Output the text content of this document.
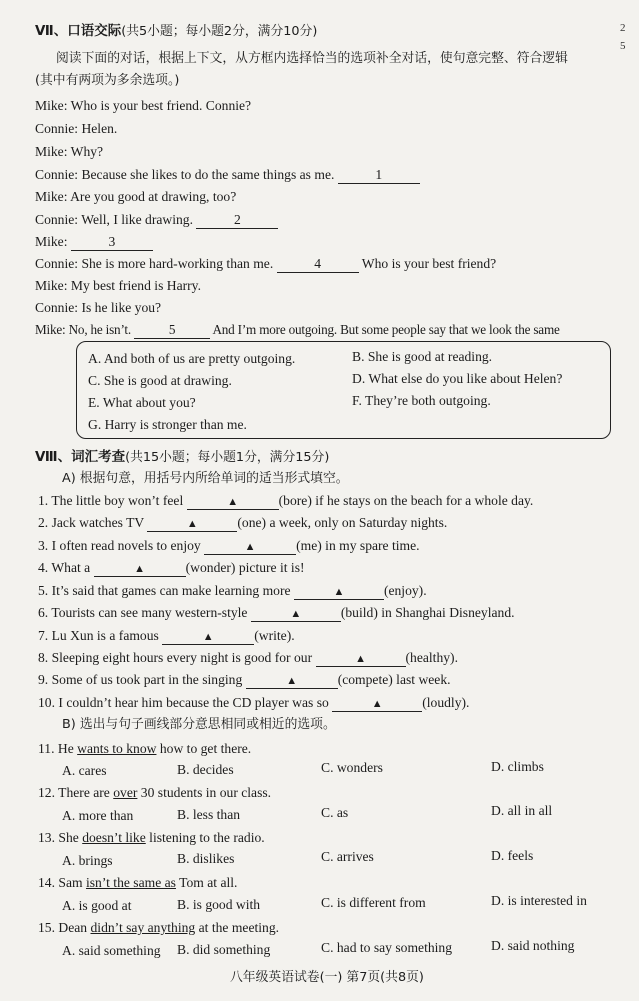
2
5
Ⅶ、口语交际(共5小题；每小题2分，满分10分)
阅读下面的对话，根据上下文，从方框内选择恰当的选项补全对话，使句意完整、符合逻辑
(其中有两项为多余选项。)
Mike: Who is your best friend. Connie?
Connie: Helen.
Mike: Why?
Connie: Because she likes to do the same things as me.	1
Mike: Are you good at drawing, too?
Connie: Well, I like drawing.	2
Mike:	3
Connie: She is more hard-working than me.	4	Who is your best friend?
Mike: My best friend is Harry.
Connie: Is he like you?
Mike: No, he isn’t.	5	And I’m more outgoing. But some people say that we look the same
A. And both of us are pretty outgoing.	B. She is good at reading.
C. She is good at drawing.	D. What else do you like about Helen?
E. What about you?	F. They’re both outgoing.
G. Harry is stronger than me.
Ⅷ、词汇考查(共15小题；每小题1分，满分15分)
A) 根据句意，用括号内所给单词的适当形式填空。
1. The little boy won’t feel	▲	(bore) if he stays on the beach for a whole day.
2. Jack watches TV	▲	(one) a week, only on Saturday nights.
3. I often read novels to enjoy	▲	(me) in my spare time.
4. What a	▲	(wonder) picture it is!
5. It’s said that games can make learning more	▲	(enjoy).
6. Tourists can see many western-style	▲	(build) in Shanghai Disneyland.
7. Lu Xun is a famous	▲	(write).
8. Sleeping eight hours every night is good for our	▲	(healthy).
9. Some of us took part in the singing	▲	(compete) last week.
10. I couldn’t hear him because the CD player was so	▲	(loudly).
B) 选出与句子画线部分意思相同或相近的选项。
11. He wants to know how to get there.
A. cares	B. decides	C. wonders	D. climbs
12. There are over 30 students in our class.
A. more than	B. less than	C. as	D. all in all
13. She doesn’t like listening to the radio.
A. brings	B. dislikes	C. arrives	D. feels
14. Sam isn’t the same as Tom at all.
A. is good at	B. is good with	C. is different from	D. is interested in
15. Dean didn’t say anything at the meeting.
A. said something B. did something	C. had to say something	D. said nothing
八年级英语试卷(一) 第7页(共8页)
